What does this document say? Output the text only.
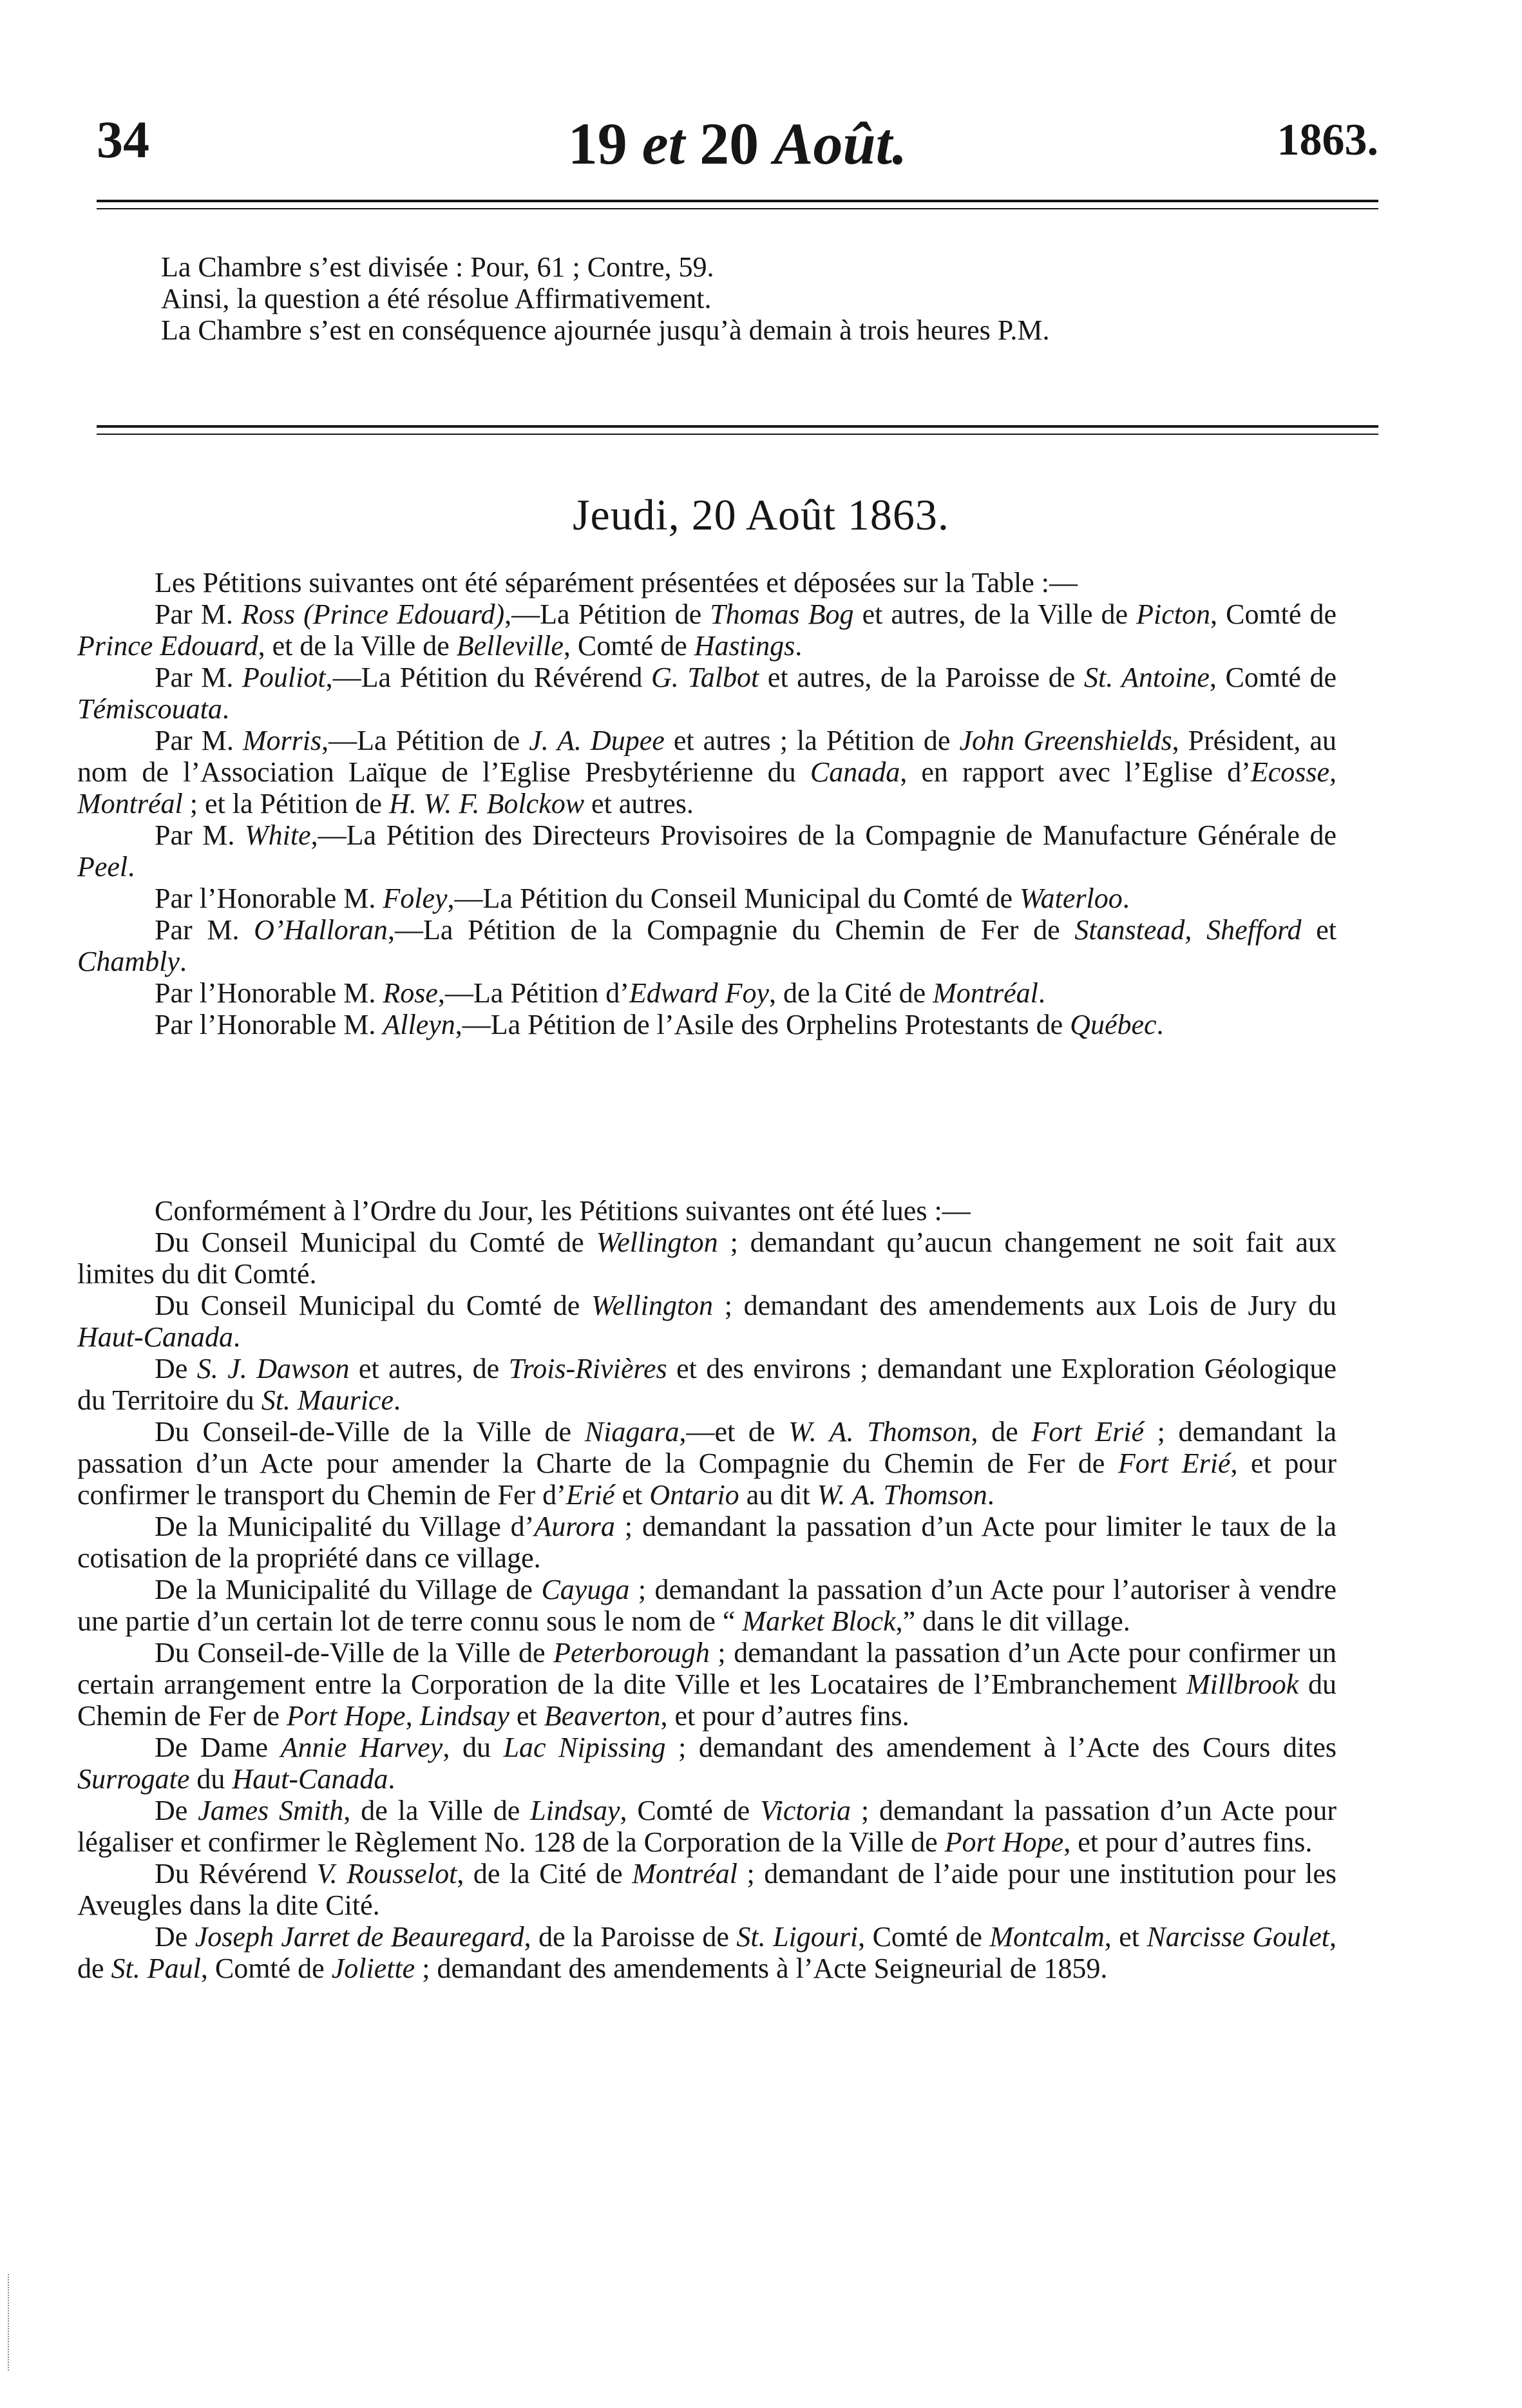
34	19 et 20 Août.	1863.

La Chambre s’est divisée : Pour, 61 ; Contre, 59.

Ainsi, la question a été résolue Affirmativement.

La Chambre s’est en conséquence ajournée jusqu’à demain à trois heures P.M.

Jeudi, 20 Août 1863.

Les Pétitions suivantes ont été séparément présentées et déposées sur la Table :—

Par M. Ross (Prince Edouard),—La Pétition de Thomas Bog et autres, de la Ville de Picton, Comté de Prince Edouard, et de la Ville de Belleville, Comté de Hastings.

Par M. Pouliot,—La Pétition du Révérend G. Talbot et autres, de la Paroisse de St. Antoine, Comté de Témiscouata.

Par M. Morris,—La Pétition de J. A. Dupee et autres ; la Pétition de John Greenshields, Président, au nom de l’Association Laïque de l’Eglise Presbytérienne du Canada, en rapport avec l’Eglise d’Ecosse, Montréal ; et la Pétition de H. W. F. Bolckow et autres.

Par M. White,—La Pétition des Directeurs Provisoires de la Compagnie de Manufacture Générale de Peel.

Par l’Honorable M. Foley,—La Pétition du Conseil Municipal du Comté de Waterloo.

Par M. O’Halloran,—La Pétition de la Compagnie du Chemin de Fer de Stanstead, Shefford et Chambly.

Par l’Honorable M. Rose,—La Pétition d’Edward Foy, de la Cité de Montréal.

Par l’Honorable M. Alleyn,—La Pétition de l’Asile des Orphelins Protestants de Québec.

Conformément à l’Ordre du Jour, les Pétitions suivantes ont été lues :—

Du Conseil Municipal du Comté de Wellington ; demandant qu’aucun changement ne soit fait aux limites du dit Comté.

Du Conseil Municipal du Comté de Wellington ; demandant des amendements aux Lois de Jury du Haut-Canada.

De S. J. Dawson et autres, de Trois-Rivières et des environs ; demandant une Exploration Géologique du Territoire du St. Maurice.

Du Conseil-de-Ville de la Ville de Niagara,—et de W. A. Thomson, de Fort Erié ; demandant la passation d’un Acte pour amender la Charte de la Compagnie du Chemin de Fer de Fort Erié, et pour confirmer le transport du Chemin de Fer d’Erié et Ontario au dit W. A. Thomson.

De la Municipalité du Village d’Aurora ; demandant la passation d’un Acte pour limiter le taux de la cotisation de la propriété dans ce village.

De la Municipalité du Village de Cayuga ; demandant la passation d’un Acte pour l’autoriser à vendre une partie d’un certain lot de terre connu sous le nom de “ Market Block,” dans le dit village.

Du Conseil-de-Ville de la Ville de Peterborough ; demandant la passation d’un Acte pour confirmer un certain arrangement entre la Corporation de la dite Ville et les Locataires de l’Embranchement Millbrook du Chemin de Fer de Port Hope, Lindsay et Beaverton, et pour d’autres fins.

De Dame Annie Harvey, du Lac Nipissing ; demandant des amendement à l’Acte des Cours dites Surrogate du Haut-Canada.

De James Smith, de la Ville de Lindsay, Comté de Victoria ; demandant la passation d’un Acte pour légaliser et confirmer le Règlement No. 128 de la Corporation de la Ville de Port Hope, et pour d’autres fins.

Du Révérend V. Rousselot, de la Cité de Montréal ; demandant de l’aide pour une institution pour les Aveugles dans la dite Cité.

De Joseph Jarret de Beauregard, de la Paroisse de St. Ligouri, Comté de Montcalm, et Narcisse Goulet, de St. Paul, Comté de Joliette ; demandant des amendements à l’Acte Seigneurial de 1859.
